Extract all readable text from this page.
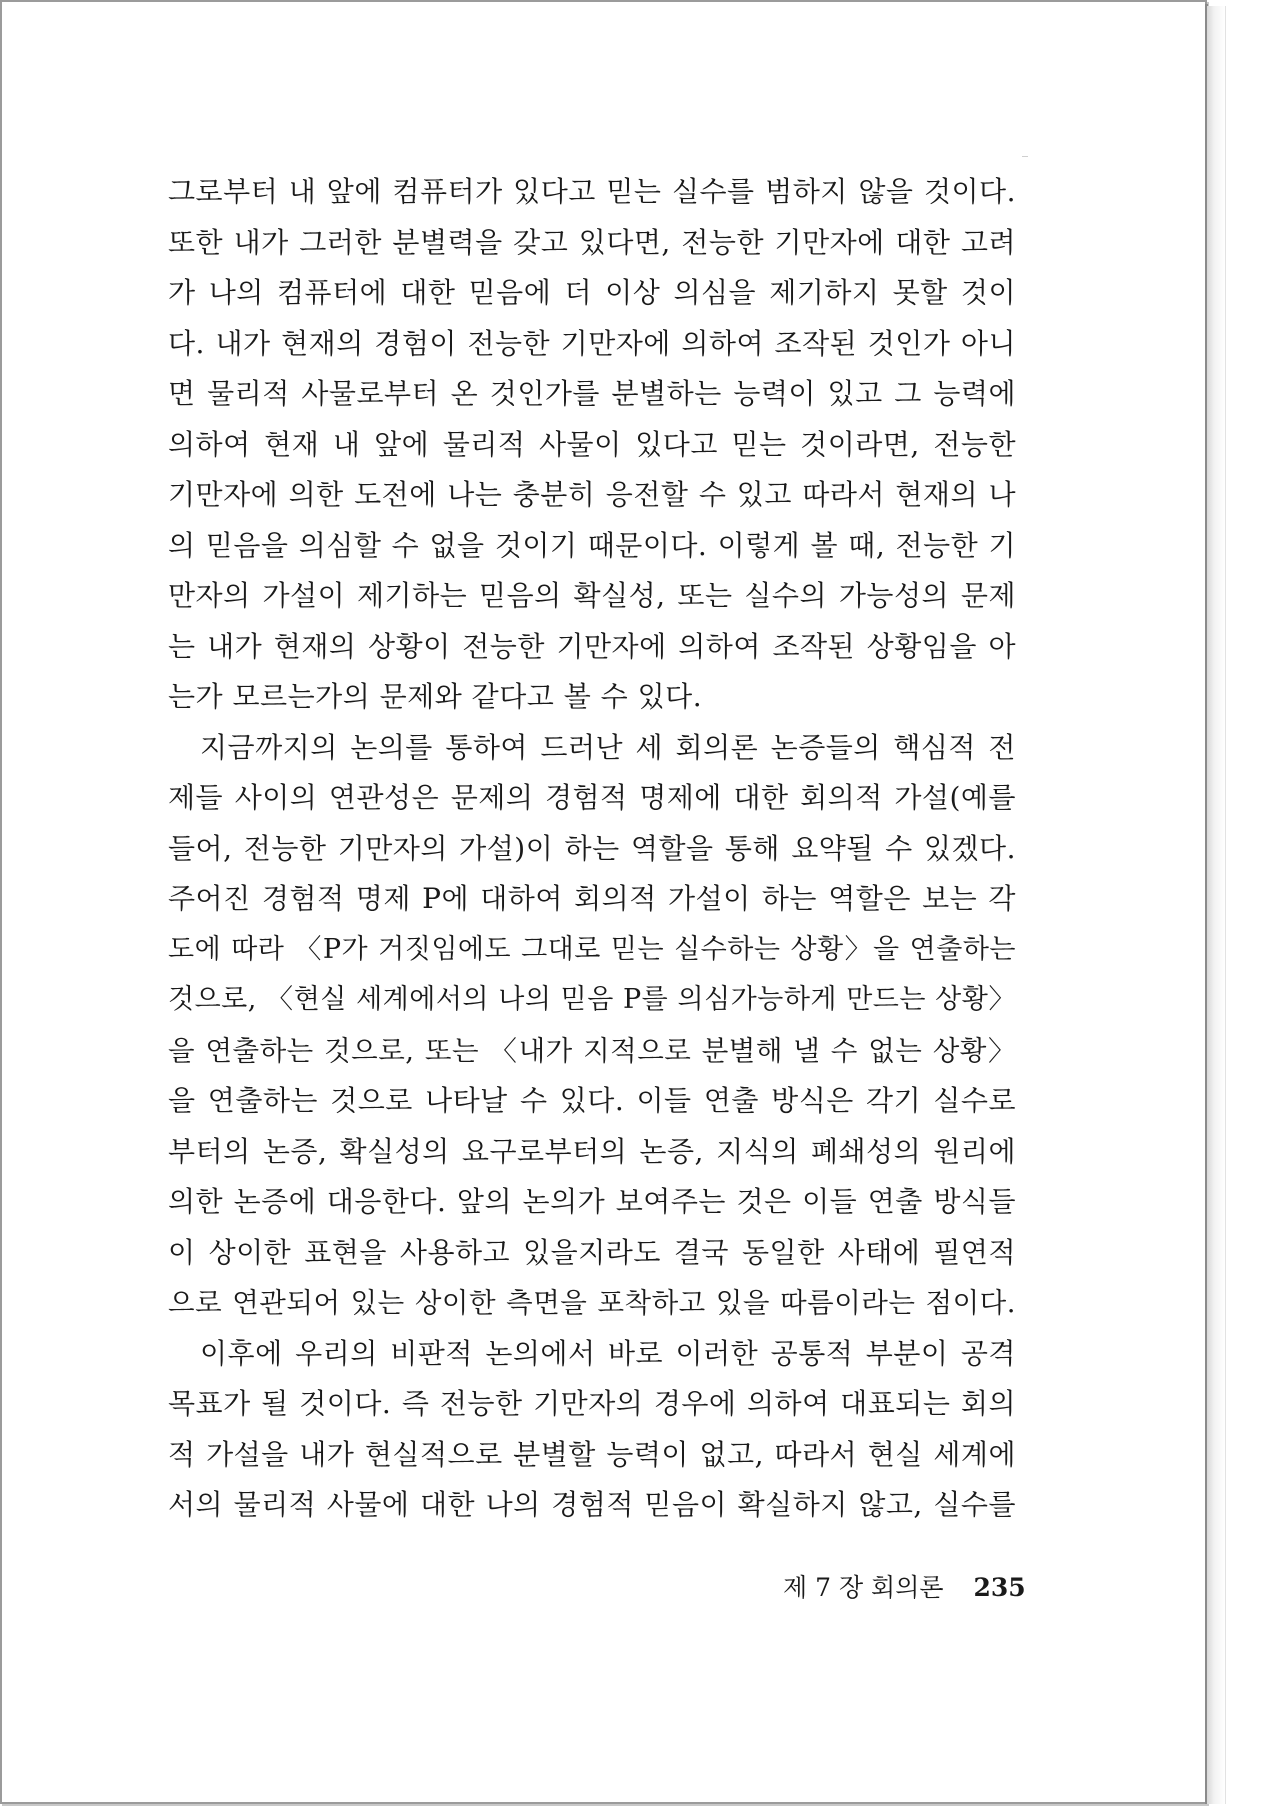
그로부터 내 앞에 컴퓨터가 있다고 믿는 실수를 범하지 않을 것이다.
또한 내가 그러한 분별력을 갖고 있다면, 전능한 기만자에 대한 고려
가 나의 컴퓨터에 대한 믿음에 더 이상 의심을 제기하지 못할 것이
다. 내가 현재의 경험이 전능한 기만자에 의하여 조작된 것인가 아니
면 물리적 사물로부터 온 것인가를 분별하는 능력이 있고 그 능력에
의하여 현재 내 앞에 물리적 사물이 있다고 믿는 것이라면, 전능한
기만자에 의한 도전에 나는 충분히 응전할 수 있고 따라서 현재의 나
의 믿음을 의심할 수 없을 것이기 때문이다. 이렇게 볼 때, 전능한 기
만자의 가설이 제기하는 믿음의 확실성, 또는 실수의 가능성의 문제
는 내가 현재의 상황이 전능한 기만자에 의하여 조작된 상황임을 아
는가 모르는가의 문제와 같다고 볼 수 있다.
지금까지의 논의를 통하여 드러난 세 회의론 논증들의 핵심적 전
제들 사이의 연관성은 문제의 경험적 명제에 대한 회의적 가설(예를
들어, 전능한 기만자의 가설)이 하는 역할을 통해 요약될 수 있겠다.
주어진 경험적 명제 P에 대하여 회의적 가설이 하는 역할은 보는 각
도에 따라 〈P가 거짓임에도 그대로 믿는 실수하는 상황〉을 연출하는
것으로, 〈현실 세계에서의 나의 믿음 P를 의심가능하게 만드는 상황〉
을 연출하는 것으로, 또는 〈내가 지적으로 분별해 낼 수 없는 상황〉
을 연출하는 것으로 나타날 수 있다. 이들 연출 방식은 각기 실수로
부터의 논증, 확실성의 요구로부터의 논증, 지식의 폐쇄성의 원리에
의한 논증에 대응한다. 앞의 논의가 보여주는 것은 이들 연출 방식들
이 상이한 표현을 사용하고 있을지라도 결국 동일한 사태에 필연적
으로 연관되어 있는 상이한 측면을 포착하고 있을 따름이라는 점이다.
이후에 우리의 비판적 논의에서 바로 이러한 공통적 부분이 공격
목표가 될 것이다. 즉 전능한 기만자의 경우에 의하여 대표되는 회의
적 가설을 내가 현실적으로 분별할 능력이 없고, 따라서 현실 세계에
서의 물리적 사물에 대한 나의 경험적 믿음이 확실하지 않고, 실수를
제 7 장 회의론 235
